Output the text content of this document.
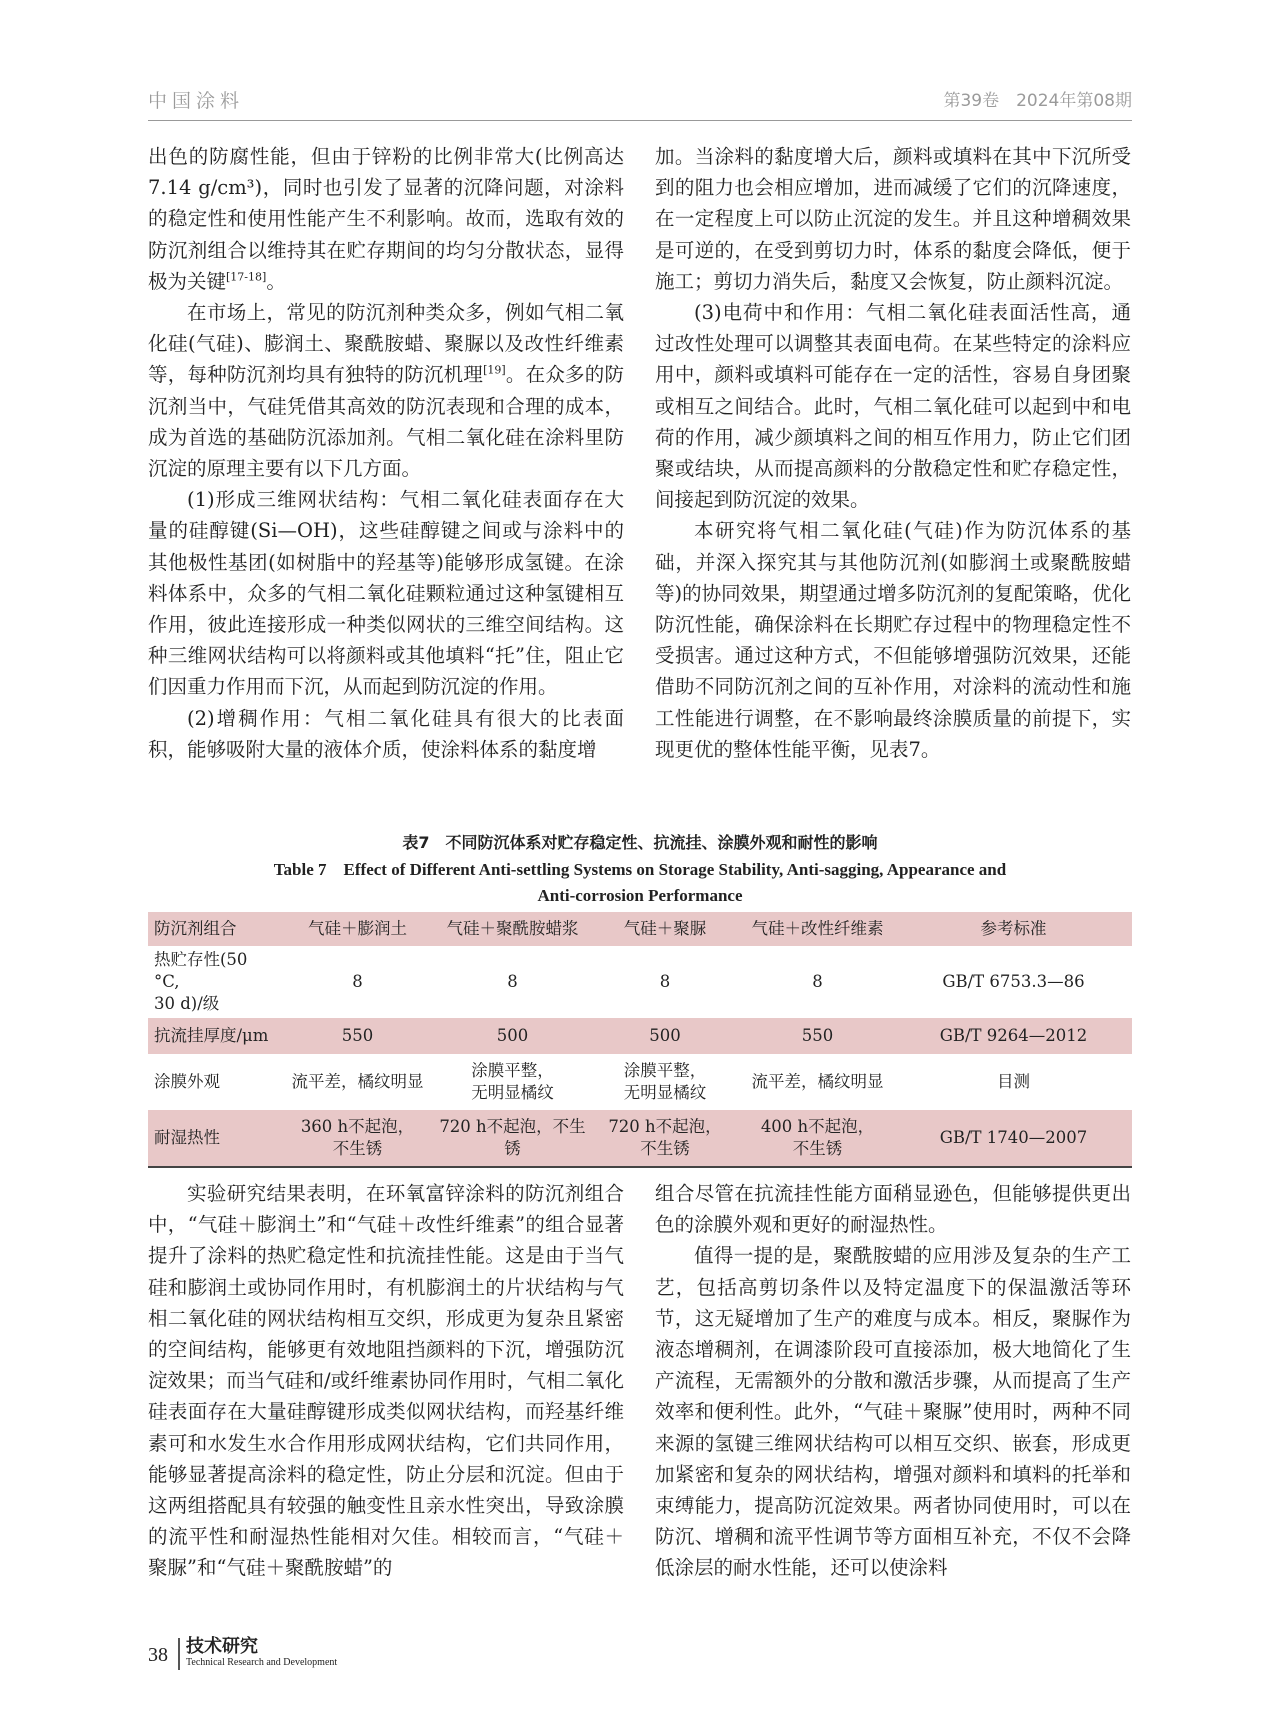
中国涂料	第39卷　2024年第08期

出色的防腐性能，但由于锌粉的比例非常大(比例高达7.14 g/cm³)，同时也引发了显著的沉降问题，对涂料的稳定性和使用性能产生不利影响。故而，选取有效的防沉剂组合以维持其在贮存期间的均匀分散状态，显得极为关键[17-18]。

在市场上，常见的防沉剂种类众多，例如气相二氧化硅(气硅)、膨润土、聚酰胺蜡、聚脲以及改性纤维素等，每种防沉剂均具有独特的防沉机理[19]。在众多的防沉剂当中，气硅凭借其高效的防沉表现和合理的成本，成为首选的基础防沉添加剂。气相二氧化硅在涂料里防沉淀的原理主要有以下几方面。

(1)形成三维网状结构：气相二氧化硅表面存在大量的硅醇键(Si—OH)，这些硅醇键之间或与涂料中的其他极性基团(如树脂中的羟基等)能够形成氢键。在涂料体系中，众多的气相二氧化硅颗粒通过这种氢键相互作用，彼此连接形成一种类似网状的三维空间结构。这种三维网状结构可以将颜料或其他填料“托”住，阻止它们因重力作用而下沉，从而起到防沉淀的作用。

(2)增稠作用：气相二氧化硅具有很大的比表面积，能够吸附大量的液体介质，使涂料体系的黏度增

加。当涂料的黏度增大后，颜料或填料在其中下沉所受到的阻力也会相应增加，进而减缓了它们的沉降速度，在一定程度上可以防止沉淀的发生。并且这种增稠效果是可逆的，在受到剪切力时，体系的黏度会降低，便于施工；剪切力消失后，黏度又会恢复，防止颜料沉淀。

(3)电荷中和作用：气相二氧化硅表面活性高，通过改性处理可以调整其表面电荷。在某些特定的涂料应用中，颜料或填料可能存在一定的活性，容易自身团聚或相互之间结合。此时，气相二氧化硅可以起到中和电荷的作用，减少颜填料之间的相互作用力，防止它们团聚或结块，从而提高颜料的分散稳定性和贮存稳定性，间接起到防沉淀的效果。

本研究将气相二氧化硅(气硅)作为防沉体系的基础，并深入探究其与其他防沉剂(如膨润土或聚酰胺蜡等)的协同效果，期望通过增多防沉剂的复配策略，优化防沉性能，确保涂料在长期贮存过程中的物理稳定性不受损害。通过这种方式，不但能够增强防沉效果，还能借助不同防沉剂之间的互补作用，对涂料的流动性和施工性能进行调整，在不影响最终涂膜质量的前提下，实现更优的整体性能平衡，见表7。

表7　不同防沉体系对贮存稳定性、抗流挂、涂膜外观和耐性的影响
Table 7　Effect of Different Anti-settling Systems on Storage Stability, Anti-sagging, Appearance and
Anti-corrosion Performance
防沉剂组合	气硅＋膨润土	气硅＋聚酰胺蜡浆	气硅＋聚脲	气硅＋改性纤维素	参考标准
热贮存性(50 °C,
30 d)/级	8	8	8	8	GB/T 6753.3—86
抗流挂厚度/μm	550	500	500	550	GB/T 9264—2012
涂膜外观	流平差，橘纹明显	涂膜平整，
无明显橘纹	涂膜平整，
无明显橘纹	流平差，橘纹明显	目测
耐湿热性	360 h不起泡，
不生锈	720 h不起泡，不生锈	720 h不起泡，
不生锈	400 h不起泡，
不生锈	GB/T 1740—2007

实验研究结果表明，在环氧富锌涂料的防沉剂组合中，“气硅＋膨润土”和“气硅＋改性纤维素”的组合显著提升了涂料的热贮稳定性和抗流挂性能。这是由于当气硅和膨润土或协同作用时，有机膨润土的片状结构与气相二氧化硅的网状结构相互交织，形成更为复杂且紧密的空间结构，能够更有效地阻挡颜料的下沉，增强防沉淀效果；而当气硅和/或纤维素协同作用时，气相二氧化硅表面存在大量硅醇键形成类似网状结构，而羟基纤维素可和水发生水合作用形成网状结构，它们共同作用，能够显著提高涂料的稳定性，防止分层和沉淀。但由于这两组搭配具有较强的触变性且亲水性突出，导致涂膜的流平性和耐湿热性能相对欠佳。相较而言，“气硅＋聚脲”和“气硅＋聚酰胺蜡”的

组合尽管在抗流挂性能方面稍显逊色，但能够提供更出色的涂膜外观和更好的耐湿热性。

值得一提的是，聚酰胺蜡的应用涉及复杂的生产工艺，包括高剪切条件以及特定温度下的保温激活等环节，这无疑增加了生产的难度与成本。相反，聚脲作为液态增稠剂，在调漆阶段可直接添加，极大地简化了生产流程，无需额外的分散和激活步骤，从而提高了生产效率和便利性。此外，“气硅＋聚脲”使用时，两种不同来源的氢键三维网状结构可以相互交织、嵌套，形成更加紧密和复杂的网状结构，增强对颜料和填料的托举和束缚能力，提高防沉淀效果。两者协同使用时，可以在防沉、增稠和流平性调节等方面相互补充，不仅不会降低涂层的耐水性能，还可以使涂料

38 技术研究
Technical Research and Development
